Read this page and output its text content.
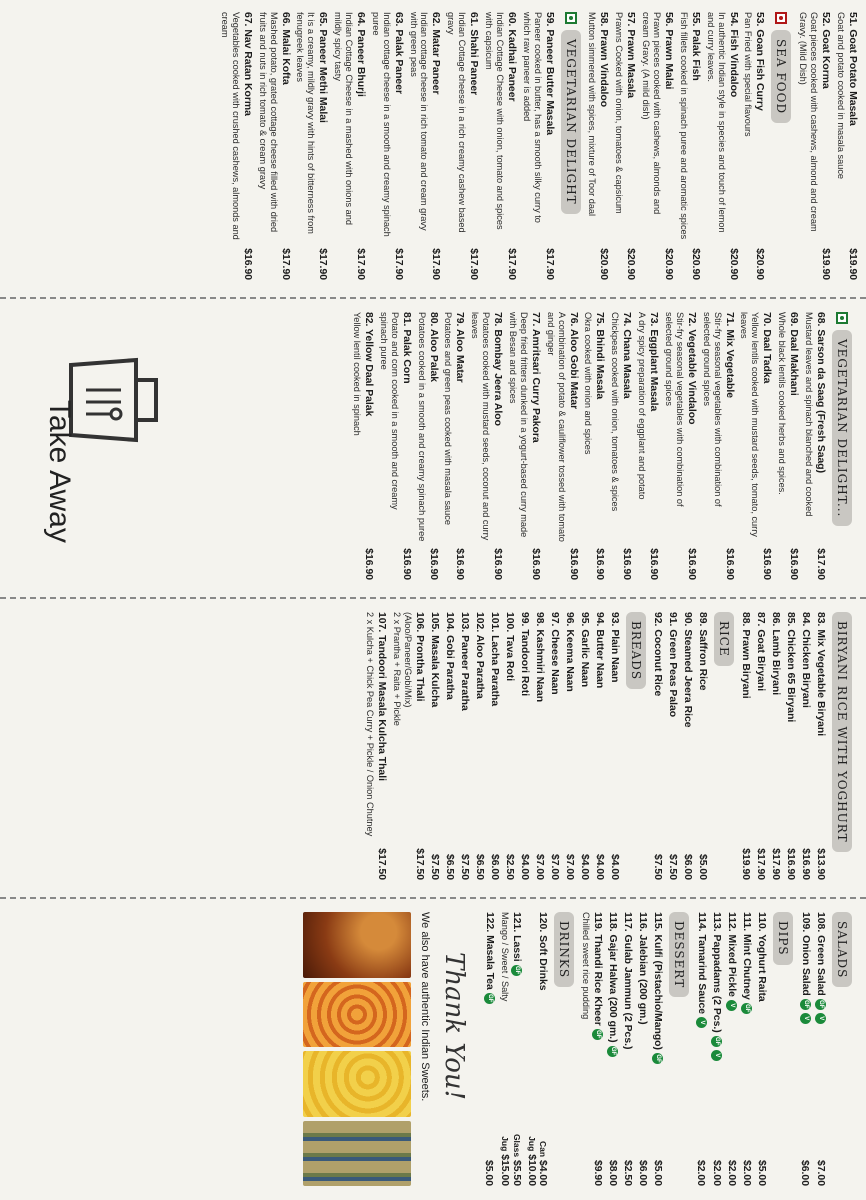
51. Goat Potato Masala
$19.90
Goat and potato cooked in masala sauce
52. Goat Korma
$19.90
Goat pieces cooked with cashews, almond and cream Gravy. (Mild Dish)
SEA FOOD
53. Goan Fish Curry
$20.90
Pan Fried with special flavours
54. Fish Vindaloo
$20.90
In authentic Indian style in species and touch of lemon and curry leaves.
55. Palak Fish
$20.90
Fish fillets cooked in spinach puree and aromatic spices
56. Prawn Malai
$20.90
Prawn pieces cooked with cashews, almonds and cream Gravy. (A mild dish)
57. Prawn Masala
$20.90
Prawns Cooked with onion, tomatoes & capsicum
58. Prawn Vindaloo
$20.90
Mutton simmered with spices, mixture of Toor daal
VEGETARIAN DELIGHT
59. Paneer Butter Masala
$17.90
Paneer cooked in butter, has a smooth silky curry to which raw paneer is added
60. Kadhai Paneer
$17.90
Indian Cottage Cheese with onion, tomato and spices with capsicum
61. Shahi Paneer
$17.90
Indian Cottage cheese in a rich creamy cashew based gravy
62. Matar Paneer
$17.90
Indian cottage cheese in rich tomato and cream gravy with green peas
63. Palak Paneer
$17.90
Indian cottage cheese in a smooth and creamy spinach puree
64. Paneer Bhurji
$17.90
Indian Cottage Cheese in a mashed with onions and mildly spicy tasty
65. Paneer Methi Malai
$17.90
It is a creamy, mildly gravy with hints of bitterness from fenugreek leaves
66. Malai Kofta
$17.90
Mashed potato, grated cottage cheese filled with dried fruits and nuts in rich tomato & cream gravy
67. Nav Ratan Korma
$16.90
Vegetables cooked with crushed cashews, almonds and cream
VEGETARIAN DELIGHT...
68. Sarson da Saag (Fresh Saag)
$17.90
Mustard leaves and spinach blanched and cooked
69. Daal Makhani
$16.90
Whole black lentils cooked herbs and spices.
70. Daal Tadka
$16.90
Yellow lentils cooked with mustard seeds, tomato, curry leaves
71. Mix Vegetable
$16.90
Stir-fry seasonal vegetables with combination of selected ground spices
72. Vegetable Vindaloo
$16.90
Stir-fry seasonal vegetables with combination of selected ground spices
73. Eggplant Masala
$16.90
A dry spicy preparation of eggplant and potato
74. Chana Masala
$16.90
Chickpeas cooked with onion, tomatoes & spices
75. Bhindi Masala
$16.90
Okra cooked with onion and spices
76. Aloo Gobi Matar
$16.90
A combination of potato & cauliflower tossed with tomato and ginger
77. Amritsari Curry Pakora
$16.90
Deep fried fritters dunked in a yogurt-based curry made with Besan and spices
78. Bombay Jeera Aloo
$16.90
Potatoes cooked with mustard seeds, coconut and curry leaves
79. Aloo Matar
$16.90
Potatoes and green peas cooked with masala sauce
80. Aloo Palak
$16.90
Potatoes cooked in a smooth and creamy spinach puree
81. Palak Corn
$16.90
Potato and corn cooked in a smooth and creamy spinach puree
82. Yellow Daal Palak
$16.90
Yellow lentil cooked in spinach
Take Away
BIRYANI RICE WITH YOGHURT
83. Mix Vegetable Biryani
$13.90
84. Chicken Biryani
$16.90
85. Chicken 65 Biryani
$16.90
86. Lamb Biryani
$17.90
87. Goat Biryani
$17.90
88. Prawn Biryani
$19.90
RICE
89. Saffron Rice
$5.00
90. Steamed Jeera Rice
$6.00
91. Green Peas Palao
$7.50
92. Coconut Rice
$7.50
BREADS
93. Plain Naan
$4.00
94. Butter Naan
$4.00
95. Garlic Naan
$4.00
96. Keema Naan
$7.00
97. Cheese Naan
$7.00
98. Kashmiri Naan
$7.00
99. Tandoori Roti
$4.00
100. Tava Roti
$2.50
101. Lacha Paratha
$6.00
102. Aloo Paratha
$6.50
103. Paneer Paratha
$7.50
104. Gobi Paratha
$6.50
105. Masala Kulcha
$7.50
106. Prontha Thali
$17.50
(Aloo/Paneer/Gobi/Mix)
2 x Prantha + Raita + Pickle
107. Tandoori Masala Kulcha Thali
$17.50
2 x Kulcha + Chick Pea Curry + Pickle / Onion Chutney
SALADS
108. Green SaladGFV
$7.00
109. Onion SaladGFV
$6.00
DIPS
110. Yoghurt Raita
$5.00
111. Mint ChutneyGF
$2.00
112. Mixed PickleV
$2.00
113. Pappadams (2 Pcs.)GFV
$2.00
114. Tamarind SauceV
$2.00
DESSERT
115. Kulfi (Pistachio/Mango)GF
$5.00
116. Jalebian (200 gm.)
$6.00
117. Gulab Jammun (2 Pcs.)
$2.50
118. Gajar Halwa (200 gm.)GF
$8.00
119. Thandi Rice KheerGF
$9.90
Chilled sweet rice pudding
DRINKS
120. Soft Drinks
Can $4.00
Jug $10.00
121. LassiGF
Glass $5.50
Mango / Sweet / Salty
Jug $15.00
122. Masala TeaGF
$5.00
Thank You!
We also have authentic Indian Sweets.
